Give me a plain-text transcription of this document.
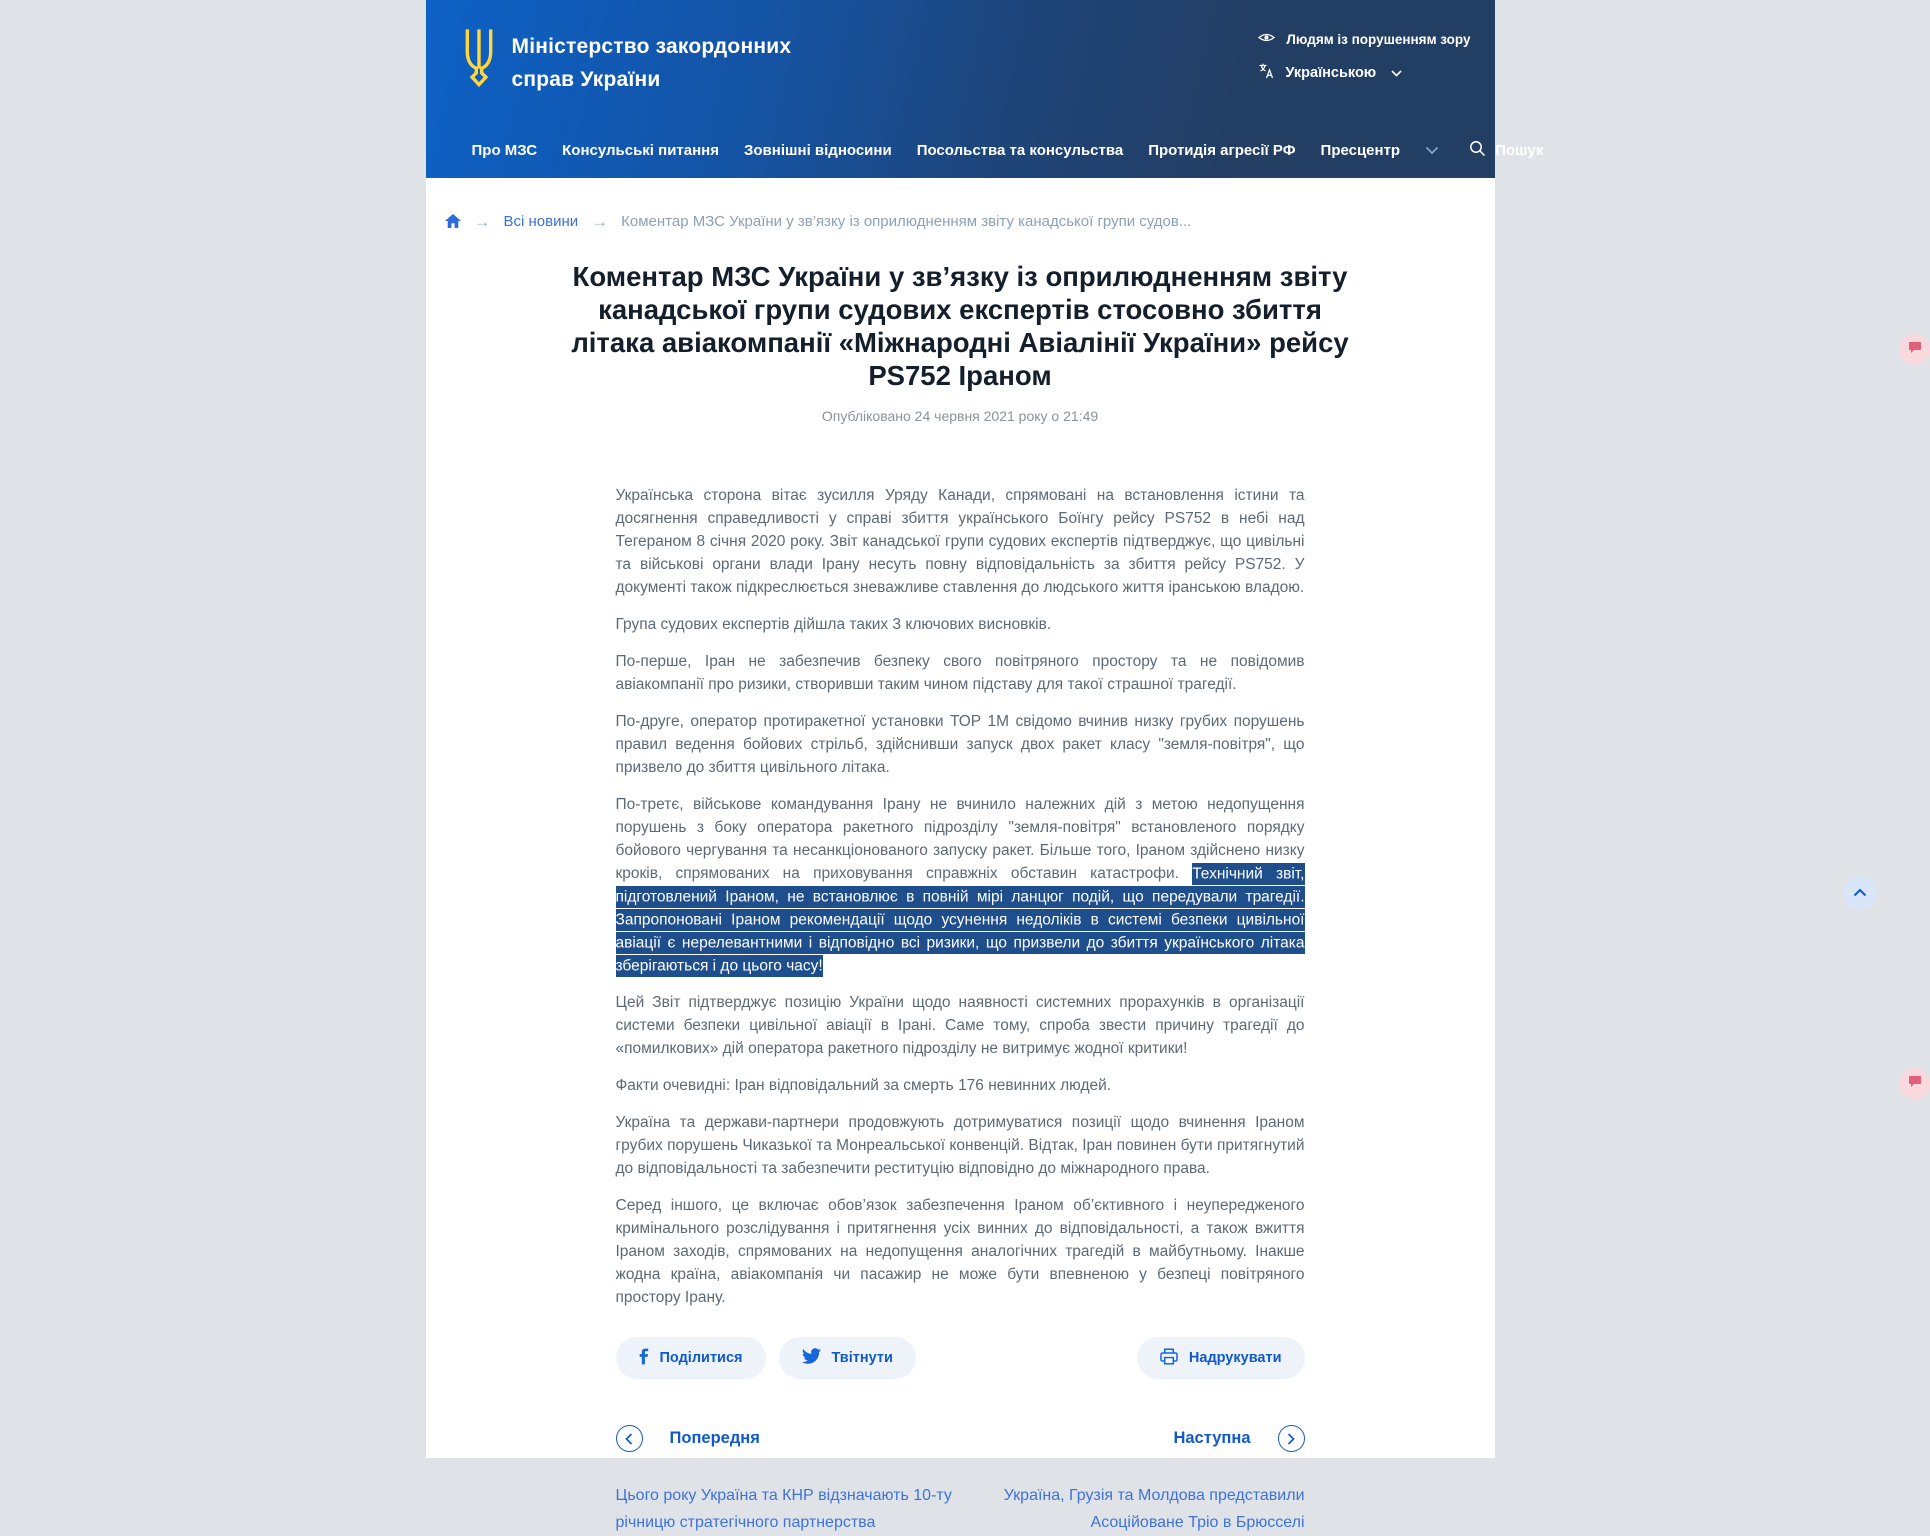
Міністерство закордонних
справ України
Людям із порушенням зору
Українською
Про МЗС Консульські питання Зовнішні відносини Посольства та консульства Протидія агресії РФ Пресцентр	Пошук
→ Всі новини → Коментар МЗС України у зв’язку із оприлюдненням звіту канадської групи судов...
Коментар МЗС України у зв’язку із оприлюдненням звіту
канадської групи судових експертів стосовно збиття
літака авіакомпанії «Міжнародні Авіалінії України» рейсу
PS752 Іраном
Опубліковано 24 червня 2021 року о 21:49

Українська сторона вітає зусилля Уряду Канади, спрямовані на встановлення істини та досягнення справедливості у справі збиття українського Боїнгу рейсу PS752 в небі над Тегераном 8 січня 2020 року. Звіт канадської групи судових експертів підтверджує, що цивільні та військові органи влади Ірану несуть повну відповідальність за збиття рейсу PS752. У документі також підкреслюється зневажливе ставлення до людського життя іранською владою.

Група судових експертів дійшла таких 3 ключових висновків.

По-перше, Іран не забезпечив безпеку свого повітряного простору та не повідомив авіакомпанії про ризики, створивши таким чином підставу для такої страшної трагедії.

По-друге, оператор протиракетної установки ТОР 1М свідомо вчинив низку грубих порушень правил ведення бойових стрільб, здійснивши запуск двох ракет класу "земля-повітря", що призвело до збиття цивільного літака.

По-третє, військове командування Ірану не вчинило належних дій з метою недопущення порушень з боку оператора ракетного підрозділу "земля-повітря" встановленого порядку бойового чергування та несанкціонованого запуску ракет. Більше того, Іраном здійснено низку кроків, спрямованих на приховування справжніх обставин катастрофи. Технічний звіт, підготовлений Іраном, не встановлює в повній мірі ланцюг подій, що передували трагедії. Запропоновані Іраном рекомендації щодо усунення недоліків в системі безпеки цивільної авіації є нерелевантними і відповідно всі ризики, що призвели до збиття українського літака зберігаються і до цього часу!

Цей Звіт підтверджує позицію України щодо наявності системних прорахунків в організації системи безпеки цивільної авіації в Ірані. Саме тому, спроба звести причину трагедії до «помилкових» дій оператора ракетного підрозділу не витримує жодної критики!

Факти очевидні: Іран відповідальний за смерть 176 невинних людей.

Україна та держави-партнери продовжують дотримуватися позиції щодо вчинення Іраном грубих порушень Чиказької та Монреальської конвенцій. Відтак, Іран повинен бути притягнутий до відповідальності та забезпечити реституцію відповідно до міжнародного права.

Серед іншого, це включає обов’язок забезпечення Іраном об’єктивного і неупередженого кримінального розслідування і притягнення усіх винних до відповідальності, а також вжиття Іраном заходів, спрямованих на недопущення аналогічних трагедій в майбутньому. Інакше жодна країна, авіакомпанія чи пасажир не може бути впевненою у безпеці повітряного простору Ірану.

Поділитися	Твітнути	Надрукувати
Попередня
Цього року Україна та КНР відзначають 10-ту
річницю стратегічного партнерства
Наступна
Україна, Грузія та Молдова представили
Асоційоване Тріо в Брюсселі
